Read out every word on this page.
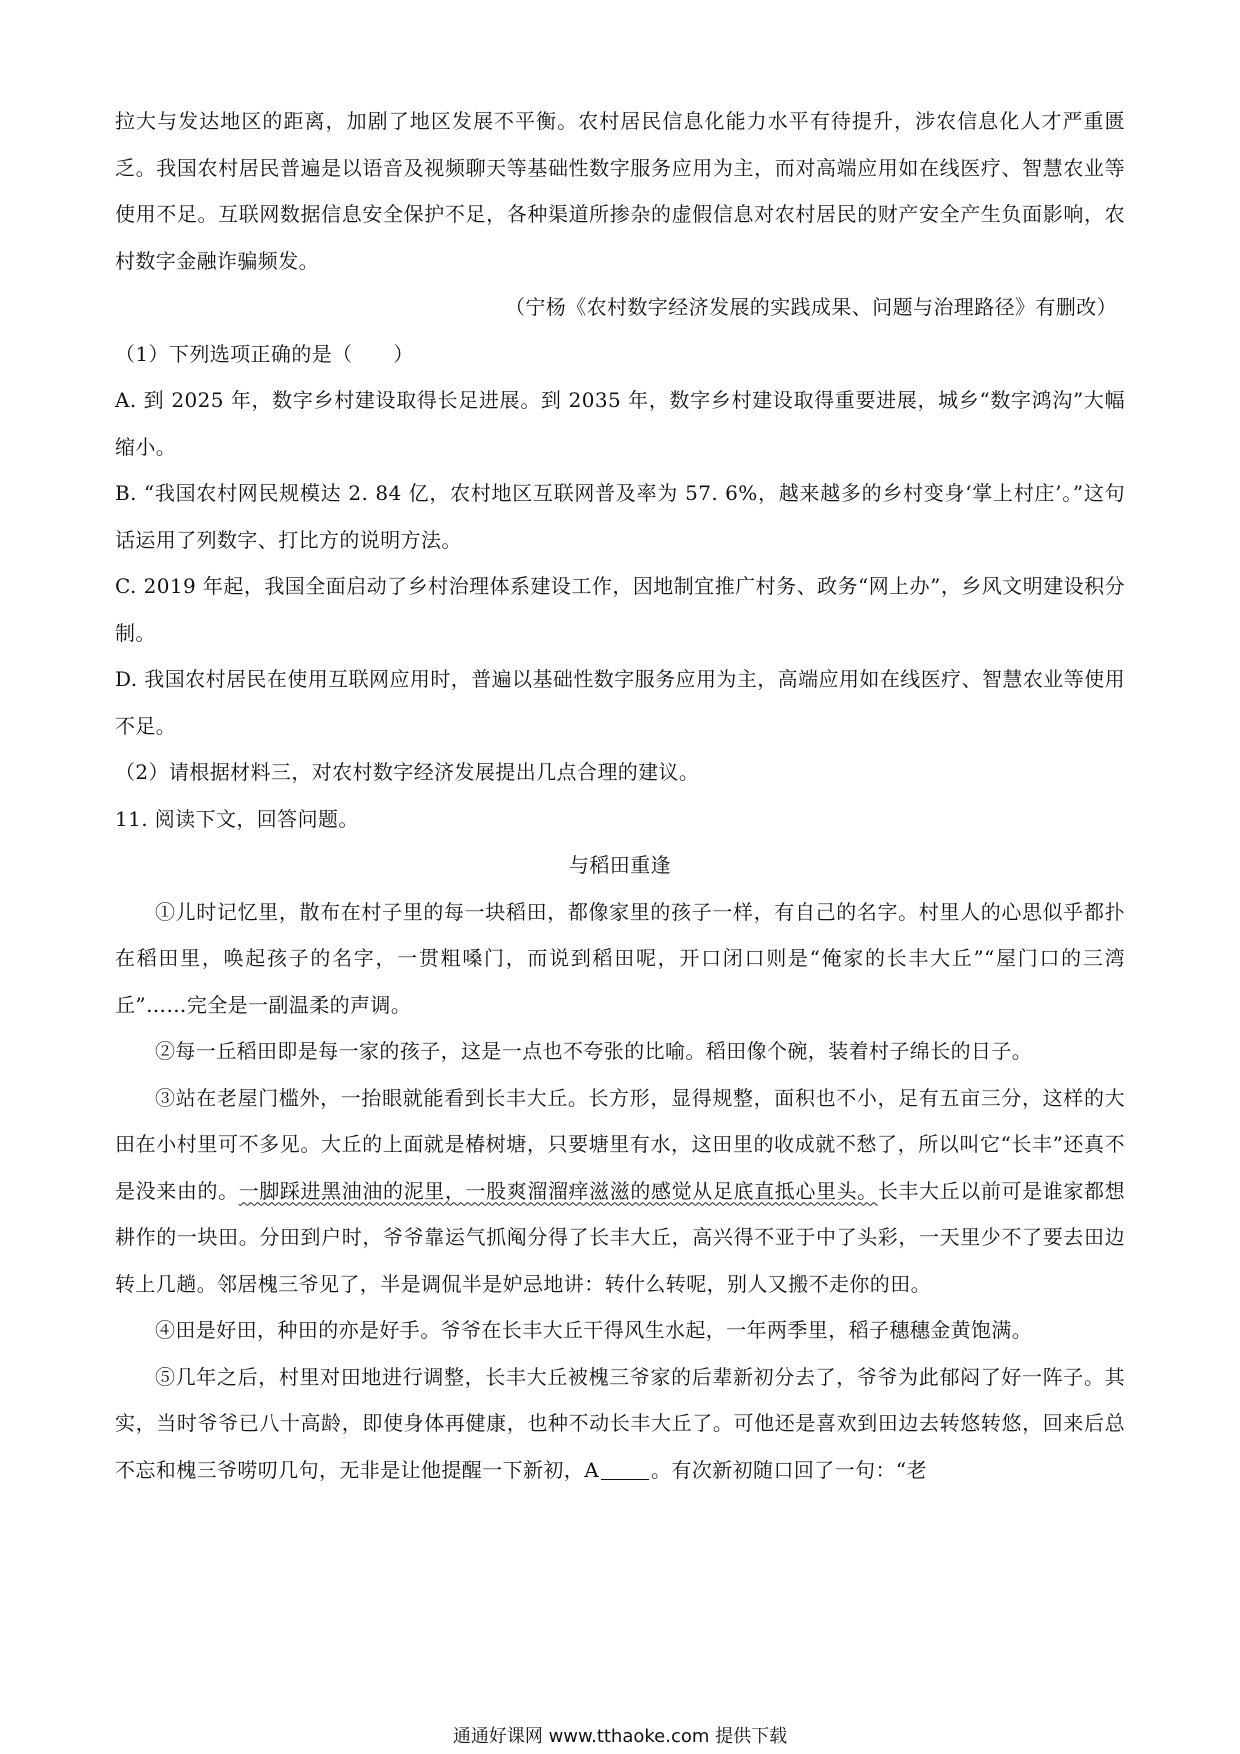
拉大与发达地区的距离，加剧了地区发展不平衡。农村居民信息化能力水平有待提升，涉农信息化人才严重匮乏。我国农村居民普遍是以语音及视频聊天等基础性数字服务应用为主，而对高端应用如在线医疗、智慧农业等使用不足。互联网数据信息安全保护不足，各种渠道所掺杂的虚假信息对农村居民的财产安全产生负面影响，农村数字金融诈骗频发。

（宁杨《农村数字经济发展的实践成果、问题与治理路径》有删改）

（1）下列选项正确的是（　　）

A. 到 2025 年，数字乡村建设取得长足进展。到 2035 年，数字乡村建设取得重要进展，城乡“数字鸿沟”大幅缩小。

B. “我国农村网民规模达 2. 84 亿，农村地区互联网普及率为 57. 6%，越来越多的乡村变身‘掌上村庄’。”这句话运用了列数字、打比方的说明方法。

C. 2019 年起，我国全面启动了乡村治理体系建设工作，因地制宜推广村务、政务“网上办”，乡风文明建设积分制。

D. 我国农村居民在使用互联网应用时，普遍以基础性数字服务应用为主，高端应用如在线医疗、智慧农业等使用不足。

（2）请根据材料三，对农村数字经济发展提出几点合理的建议。

11. 阅读下文，回答问题。

与稻田重逢

①儿时记忆里，散布在村子里的每一块稻田，都像家里的孩子一样，有自己的名字。村里人的心思似乎都扑在稻田里，唤起孩子的名字，一贯粗嗓门，而说到稻田呢，开口闭口则是“俺家的长丰大丘”“屋门口的三湾丘”……完全是一副温柔的声调。

②每一丘稻田即是每一家的孩子，这是一点也不夸张的比喻。稻田像个碗，装着村子绵长的日子。

③站在老屋门槛外，一抬眼就能看到长丰大丘。长方形，显得规整，面积也不小，足有五亩三分，这样的大田在小村里可不多见。大丘的上面就是椿树塘，只要塘里有水，这田里的收成就不愁了，所以叫它“长丰”还真不是没来由的。一脚踩进黑油油的泥里，一股爽溜溜痒滋滋的感觉从足底直抵心里头。长丰大丘以前可是谁家都想耕作的一块田。分田到户时，爷爷靠运气抓阄分得了长丰大丘，高兴得不亚于中了头彩，一天里少不了要去田边转上几趟。邻居槐三爷见了，半是调侃半是妒忌地讲：转什么转呢，别人又搬不走你的田。

④田是好田，种田的亦是好手。爷爷在长丰大丘干得风生水起，一年两季里，稻子穗穗金黄饱满。

⑤几年之后，村里对田地进行调整，长丰大丘被槐三爷家的后辈新初分去了，爷爷为此郁闷了好一阵子。其实，当时爷爷已八十高龄，即使身体再健康，也种不动长丰大丘了。可他还是喜欢到田边去转悠转悠，回来后总不忘和槐三爷唠叨几句，无非是让他提醒一下新初，A	。有次新初随口回了一句：“老

通通好课网 www.tthaoke.com 提供下载
